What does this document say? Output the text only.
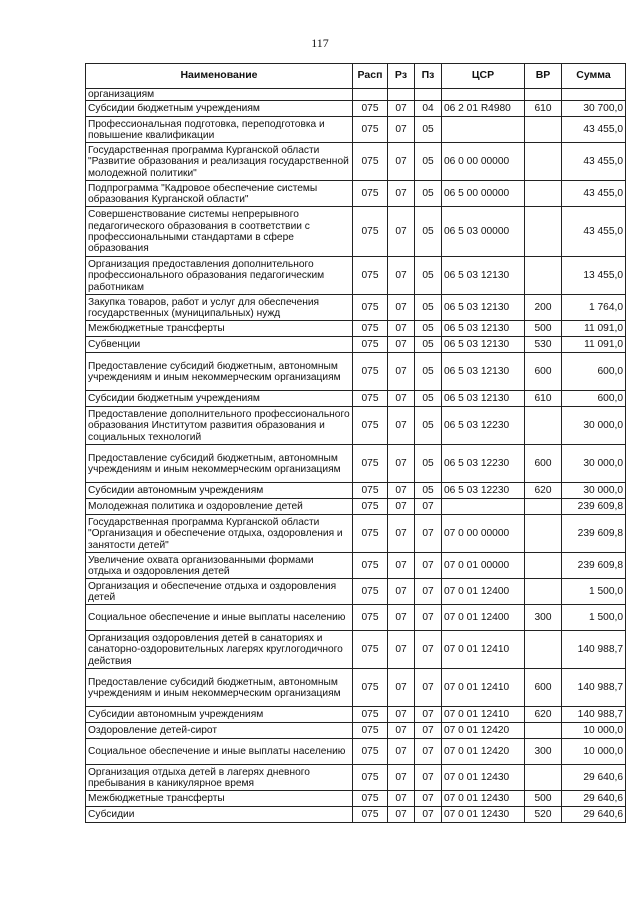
117
Наименование	Расп	Рз	Пз	ЦСР	ВР	Сумма
организациям						
Субсидии бюджетным учреждениям	075	07	04	06 2 01 R4980	610	30 700,0
Профессиональная подготовка, переподготовка и повышение квалификации	075	07	05			43 455,0
Государственная программа Курганской области "Развитие образования и реализация государственной молодежной политики"	075	07	05	06 0 00 00000		43 455,0
Подпрограмма "Кадровое обеспечение системы образования Курганской области"	075	07	05	06 5 00 00000		43 455,0
Совершенствование системы непрерывного педагогического образования в соответствии с профессиональными стандартами в сфере образования	075	07	05	06 5 03 00000		43 455,0
Организация предоставления дополнительного профессионального образования педагогическим работникам	075	07	05	06 5 03 12130		13 455,0
Закупка товаров, работ и услуг для обеспечения государственных (муниципальных) нужд	075	07	05	06 5 03 12130	200	1 764,0
Межбюджетные трансферты	075	07	05	06 5 03 12130	500	11 091,0
Субвенции	075	07	05	06 5 03 12130	530	11 091,0
Предоставление субсидий бюджетным, автономным учреждениям и иным некоммерческим организациям	075	07	05	06 5 03 12130	600	600,0
Субсидии бюджетным учреждениям	075	07	05	06 5 03 12130	610	600,0
Предоставление дополнительного профессионального образования Институтом развития образования и социальных технологий	075	07	05	06 5 03 12230		30 000,0
Предоставление субсидий бюджетным, автономным учреждениям и иным некоммерческим организациям	075	07	05	06 5 03 12230	600	30 000,0
Субсидии автономным учреждениям	075	07	05	06 5 03 12230	620	30 000,0
Молодежная политика и оздоровление детей	075	07	07			239 609,8
Государственная программа Курганской области "Организация и обеспечение отдыха, оздоровления и занятости детей"	075	07	07	07 0 00 00000		239 609,8
Увеличение охвата организованными формами отдыха и оздоровления детей	075	07	07	07 0 01 00000		239 609,8
Организация и обеспечение отдыха и оздоровления детей	075	07	07	07 0 01 12400		1 500,0
Социальное обеспечение и иные выплаты населению	075	07	07	07 0 01 12400	300	1 500,0
Организация оздоровления детей в санаториях и санаторно-оздоровительных лагерях круглогодичного действия	075	07	07	07 0 01 12410		140 988,7
Предоставление субсидий бюджетным, автономным учреждениям и иным некоммерческим организациям	075	07	07	07 0 01 12410	600	140 988,7
Субсидии автономным учреждениям	075	07	07	07 0 01 12410	620	140 988,7
Оздоровление детей-сирот	075	07	07	07 0 01 12420		10 000,0
Социальное обеспечение и иные выплаты населению	075	07	07	07 0 01 12420	300	10 000,0
Организация отдыха детей в лагерях дневного пребывания в каникулярное время	075	07	07	07 0 01 12430		29 640,6
Межбюджетные трансферты	075	07	07	07 0 01 12430	500	29 640,6
Субсидии	075	07	07	07 0 01 12430	520	29 640,6
